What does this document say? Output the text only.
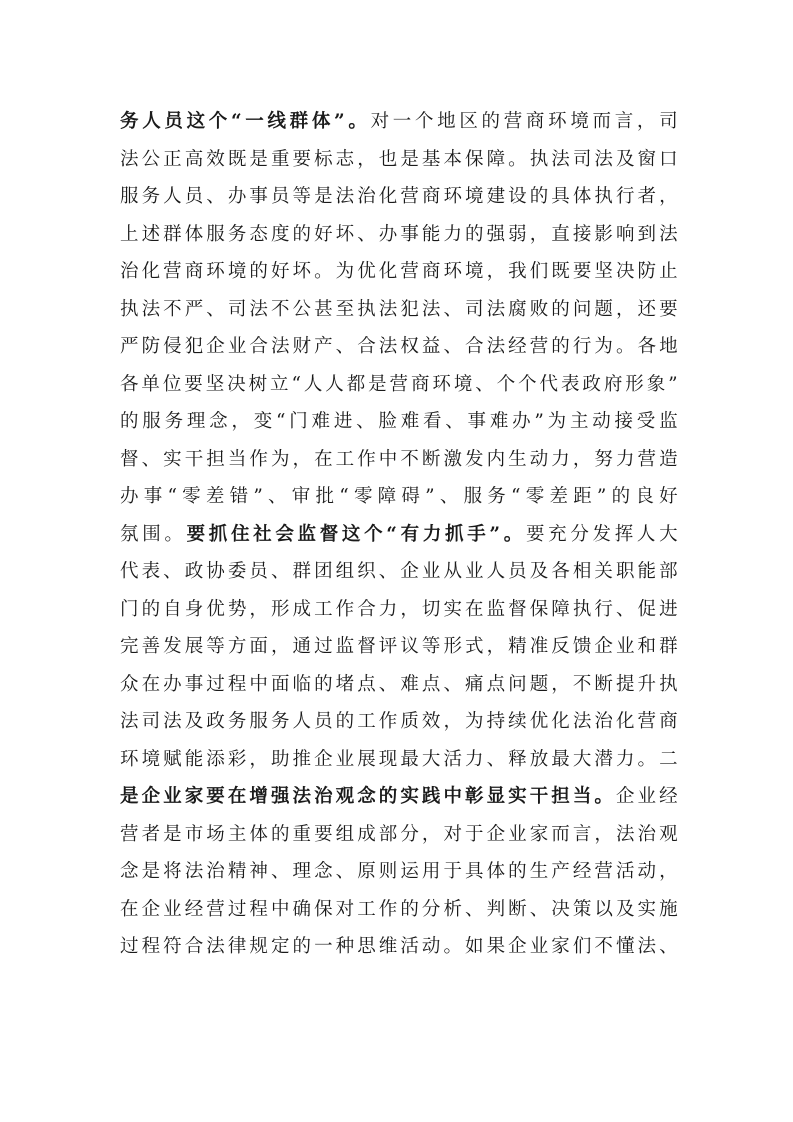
务人员这个“一线群体”。对一个地区的营商环境而言，司
法公正高效既是重要标志，也是基本保障。执法司法及窗口
服务人员、办事员等是法治化营商环境建设的具体执行者，
上述群体服务态度的好坏、办事能力的强弱，直接影响到法
治化营商环境的好坏。为优化营商环境，我们既要坚决防止
执法不严、司法不公甚至执法犯法、司法腐败的问题，还要
严防侵犯企业合法财产、合法权益、合法经营的行为。各地
各单位要坚决树立“人人都是营商环境、个个代表政府形象”
的服务理念，变“门难进、脸难看、事难办”为主动接受监
督、实干担当作为，在工作中不断激发内生动力，努力营造
办事“零差错”、审批“零障碍”、服务“零差距”的良好
氛围。要抓住社会监督这个“有力抓手”。要充分发挥人大
代表、政协委员、群团组织、企业从业人员及各相关职能部
门的自身优势，形成工作合力，切实在监督保障执行、促进
完善发展等方面，通过监督评议等形式，精准反馈企业和群
众在办事过程中面临的堵点、难点、痛点问题，不断提升执
法司法及政务服务人员的工作质效，为持续优化法治化营商
环境赋能添彩，助推企业展现最大活力、释放最大潜力。二
是企业家要在增强法治观念的实践中彰显实干担当。企业经
营者是市场主体的重要组成部分，对于企业家而言，法治观
念是将法治精神、理念、原则运用于具体的生产经营活动，
在企业经营过程中确保对工作的分析、判断、决策以及实施
过程符合法律规定的一种思维活动。如果企业家们不懂法、
